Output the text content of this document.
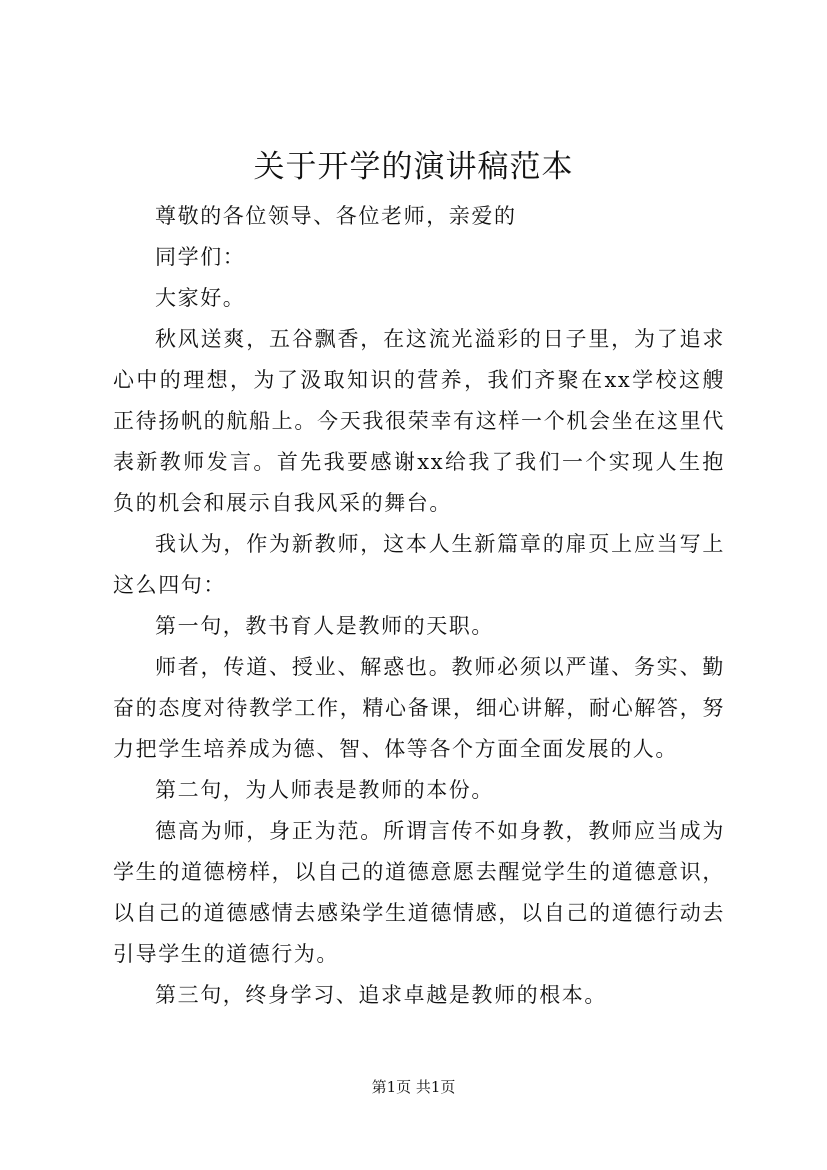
关于开学的演讲稿范本

尊敬的各位领导、各位老师，亲爱的

同学们：

大家好。

秋风送爽，五谷飘香，在这流光溢彩的日子里，为了追求心中的理想，为了汲取知识的营养，我们齐聚在xx学校这艘正待扬帆的航船上。今天我很荣幸有这样一个机会坐在这里代表新教师发言。首先我要感谢xx给我了我们一个实现人生抱负的机会和展示自我风采的舞台。

我认为，作为新教师，这本人生新篇章的扉页上应当写上这么四句：

第一句，教书育人是教师的天职。

师者，传道、授业、解惑也。教师必须以严谨、务实、勤奋的态度对待教学工作，精心备课，细心讲解，耐心解答，努力把学生培养成为德、智、体等各个方面全面发展的人。

第二句，为人师表是教师的本份。

德高为师，身正为范。所谓言传不如身教，教师应当成为学生的道德榜样，以自己的道德意愿去醒觉学生的道德意识，以自己的道德感情去感染学生道德情感，以自己的道德行动去引导学生的道德行为。

第三句，终身学习、追求卓越是教师的根本。

第1页 共1页
